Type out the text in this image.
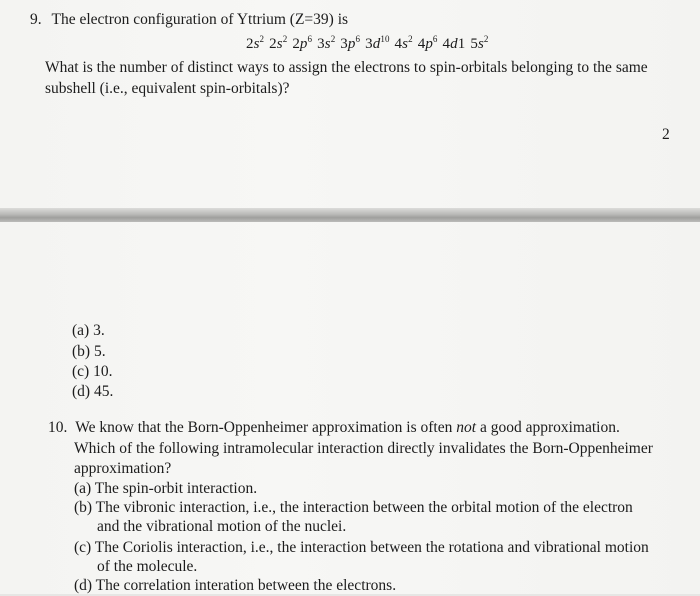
9. The electron configuration of Yttrium (Z=39) is
$2s^2$ $2s^2$ $2p^6$ $3s^2$ $3p^6$ $3d^{10}$ $4s^2$ $4p^6$ 4d1 $5s^2$
What is the number of distinct ways to assign the electrons to spin-orbitals belonging to the same
subshell (i.e., equivalent spin-orbitals)?
2
(a) 3.
(b) 5.
(c) 10.
(d) 45.
10. We know that the Born-Oppenheimer approximation is often not a good approximation.
Which of the following intramolecular interaction directly invalidates the Born-Oppenheimer
approximation?
(a) The spin-orbit interaction.
(b) The vibronic interaction, i.e., the interaction between the orbital motion of the electron
and the vibrational motion of the nuclei.
(c) The Coriolis interaction, i.e., the interaction between the rotationa and vibrational motion
of the molecule.
(d) The correlation interation between the electrons.
